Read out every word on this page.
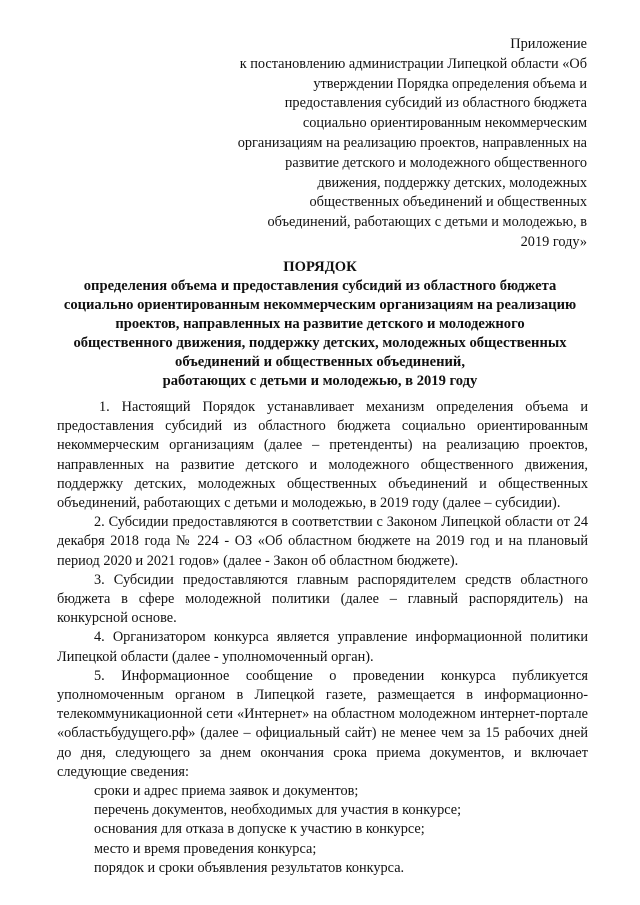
Приложение
к постановлению администрации Липецкой области «Об
утверждении Порядка определения объема и
предоставления субсидий из областного бюджета
социально ориентированным некоммерческим
организациям на реализацию проектов, направленных на
развитие детского и молодежного общественного
движения, поддержку детских, молодежных
общественных объединений и общественных
объединений, работающих с детьми и молодежью, в
2019 году»
ПОРЯДОК
определения объема и предоставления субсидий из областного бюджета
социально ориентированным некоммерческим организациям на реализацию
проектов, направленных на развитие детского и молодежного
общественного движения, поддержку детских, молодежных общественных
объединений и общественных объединений,
работающих с детьми и молодежью, в 2019 году

1. Настоящий Порядок устанавливает механизм определения объема и предоставления субсидий из областного бюджета социально ориентированным некоммерческим организациям (далее – претенденты) на реализацию проектов, направленных на развитие детского и молодежного общественного движения, поддержку детских, молодежных общественных объединений и общественных объединений, работающих с детьми и молодежью, в 2019 году (далее – субсидии).

2. Субсидии предоставляются в соответствии с Законом Липецкой области от 24 декабря 2018 года № 224 - ОЗ «Об областном бюджете на 2019 год и на плановый период 2020 и 2021 годов» (далее - Закон об областном бюджете).

3. Субсидии предоставляются главным распорядителем средств областного бюджета в сфере молодежной политики (далее – главный распорядитель) на конкурсной основе.

4. Организатором конкурса является управление информационной политики Липецкой области (далее - уполномоченный орган).

5. Информационное сообщение о проведении конкурса публикуется уполномоченным органом в Липецкой газете, размещается в информационно-телекоммуникационной сети «Интернет» на областном молодежном интернет-портале «областьбудущего.рф» (далее – официальный сайт) не менее чем за 15 рабочих дней до дня, следующего за днем окончания срока приема документов, и включает следующие сведения:

сроки и адрес приема заявок и документов;

перечень документов, необходимых для участия в конкурсе;

основания для отказа в допуске к участию в конкурсе;

место и время проведения конкурса;

порядок и сроки объявления результатов конкурса.
